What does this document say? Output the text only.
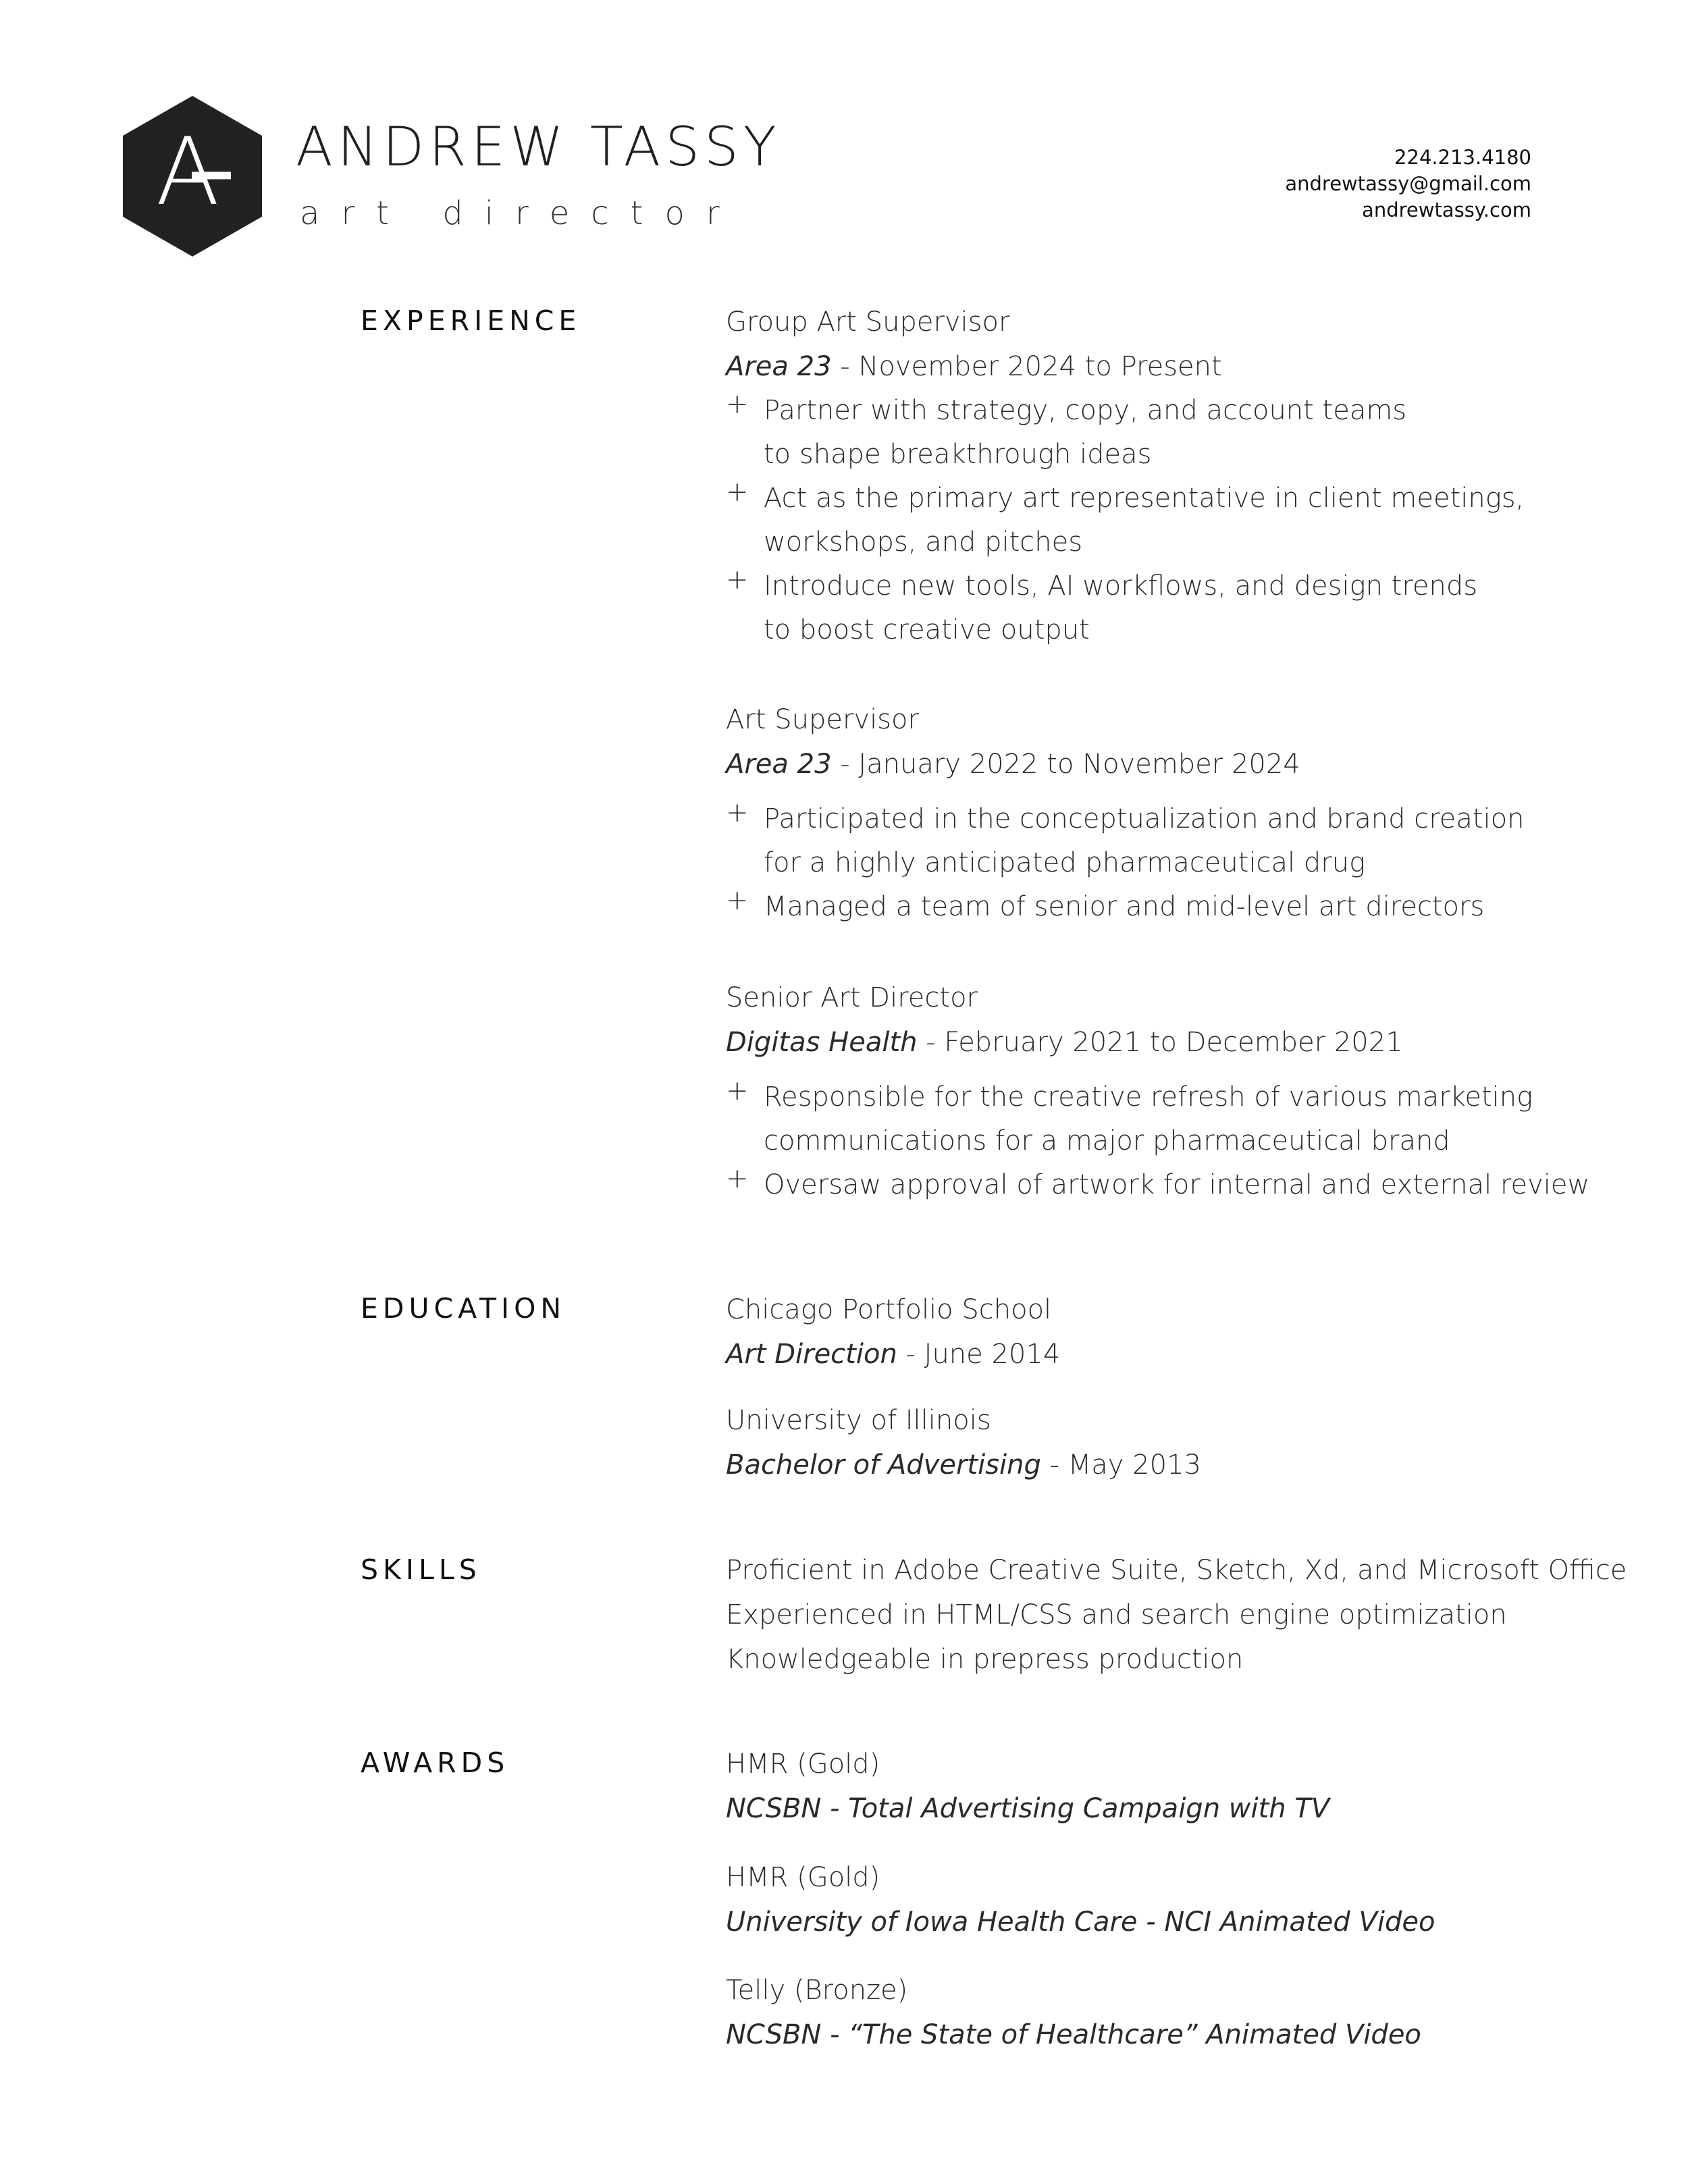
A ANDREW TASSY
art director
224.213.4180
andrewtassy@gmail.com
andrewtassy.com
EXPERIENCE	Group Art Supervisor
Area 23 - November 2024 to Present
+ Partner with strategy, copy, and account teams
to shape breakthrough ideas
+ Act as the primary art representative in client meetings,
workshops, and pitches
+ Introduce new tools, AI workflows, and design trends
to boost creative output
Art Supervisor
Area 23 - January 2022 to November 2024
+ Participated in the conceptualization and brand creation
for a highly anticipated pharmaceutical drug
+ Managed a team of senior and mid-level art directors
Senior Art Director
Digitas Health - February 2021 to December 2021
+ Responsible for the creative refresh of various marketing
communications for a major pharmaceutical brand
+ Oversaw approval of artwork for internal and external review
EDUCATION	Chicago Portfolio School
Art Direction - June 2014
University of Illinois
Bachelor of Advertising - May 2013
SKILLS	Proficient in Adobe Creative Suite, Sketch, Xd, and Microsoft Office
Experienced in HTML/CSS and search engine optimization
Knowledgeable in prepress production
AWARDS	HMR (Gold)
NCSBN - Total Advertising Campaign with TV
HMR (Gold)
University of Iowa Health Care - NCI Animated Video
Telly (Bronze)
NCSBN - “The State of Healthcare” Animated Video
